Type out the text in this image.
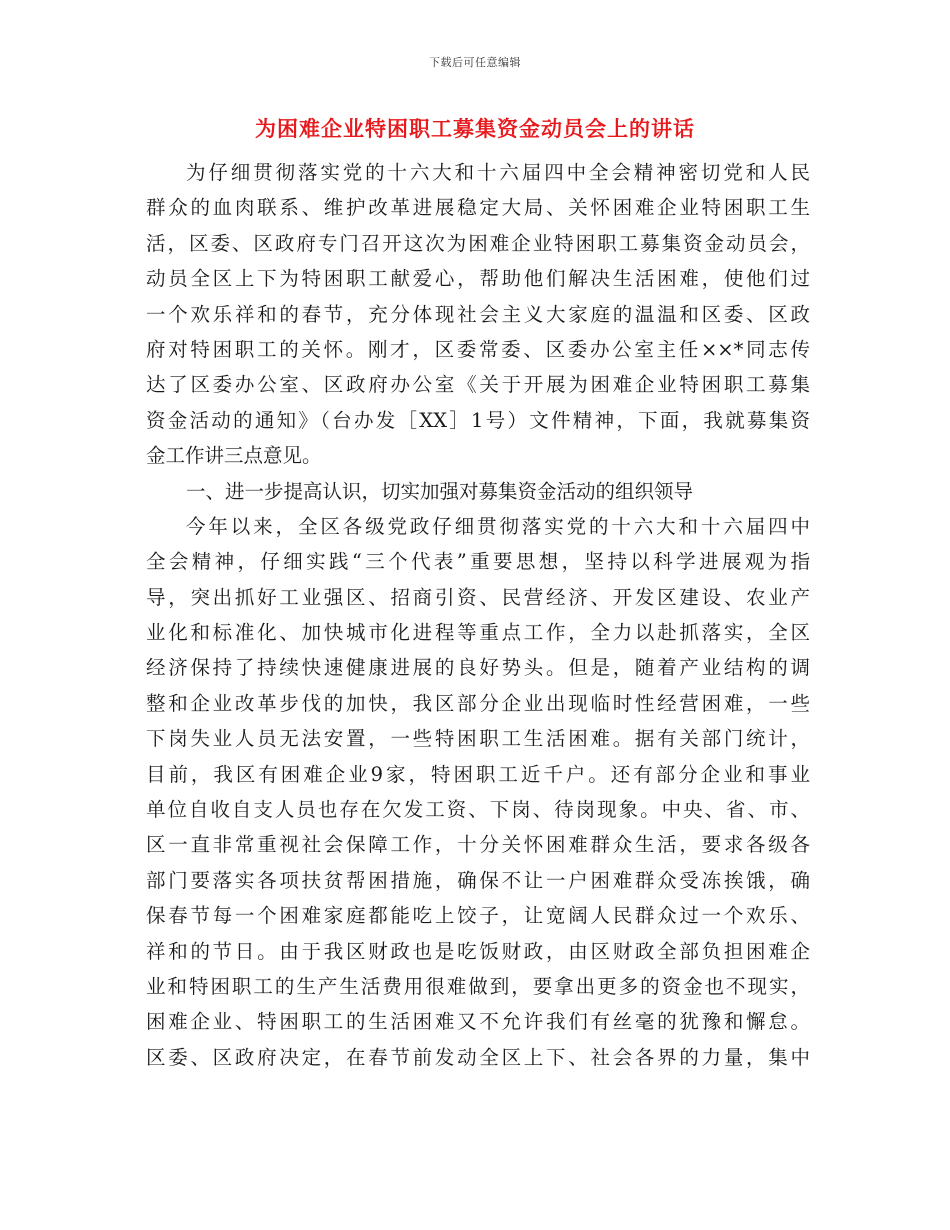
下载后可任意编辑
为困难企业特困职工募集资金动员会上的讲话
为仔细贯彻落实党的十六大和十六届四中全会精神密切党和人民
群众的血肉联系、维护改革进展稳定大局、关怀困难企业特困职工生
活，区委、区政府专门召开这次为困难企业特困职工募集资金动员会，
动员全区上下为特困职工献爱心，帮助他们解决生活困难，使他们过
一个欢乐祥和的春节，充分体现社会主义大家庭的温温和区委、区政
府对特困职工的关怀。刚才，区委常委、区委办公室主任××*同志传
达了区委办公室、区政府办公室《关于开展为困难企业特困职工募集
资金活动的通知》（台办发［XX］1号）文件精神，下面，我就募集资
金工作讲三点意见。
一、进一步提高认识，切实加强对募集资金活动的组织领导
今年以来，全区各级党政仔细贯彻落实党的十六大和十六届四中
全会精神，仔细实践“三个代表”重要思想，坚持以科学进展观为指
导，突出抓好工业强区、招商引资、民营经济、开发区建设、农业产
业化和标准化、加快城市化进程等重点工作，全力以赴抓落实，全区
经济保持了持续快速健康进展的良好势头。但是，随着产业结构的调
整和企业改革步伐的加快，我区部分企业出现临时性经营困难，一些
下岗失业人员无法安置，一些特困职工生活困难。据有关部门统计，
目前，我区有困难企业9家，特困职工近千户。还有部分企业和事业
单位自收自支人员也存在欠发工资、下岗、待岗现象。中央、省、市、
区一直非常重视社会保障工作，十分关怀困难群众生活，要求各级各
部门要落实各项扶贫帮困措施，确保不让一户困难群众受冻挨饿，确
保春节每一个困难家庭都能吃上饺子，让宽阔人民群众过一个欢乐、
祥和的节日。由于我区财政也是吃饭财政，由区财政全部负担困难企
业和特困职工的生产生活费用很难做到，要拿出更多的资金也不现实，
困难企业、特困职工的生活困难又不允许我们有丝毫的犹豫和懈怠。
区委、区政府决定，在春节前发动全区上下、社会各界的力量，集中
